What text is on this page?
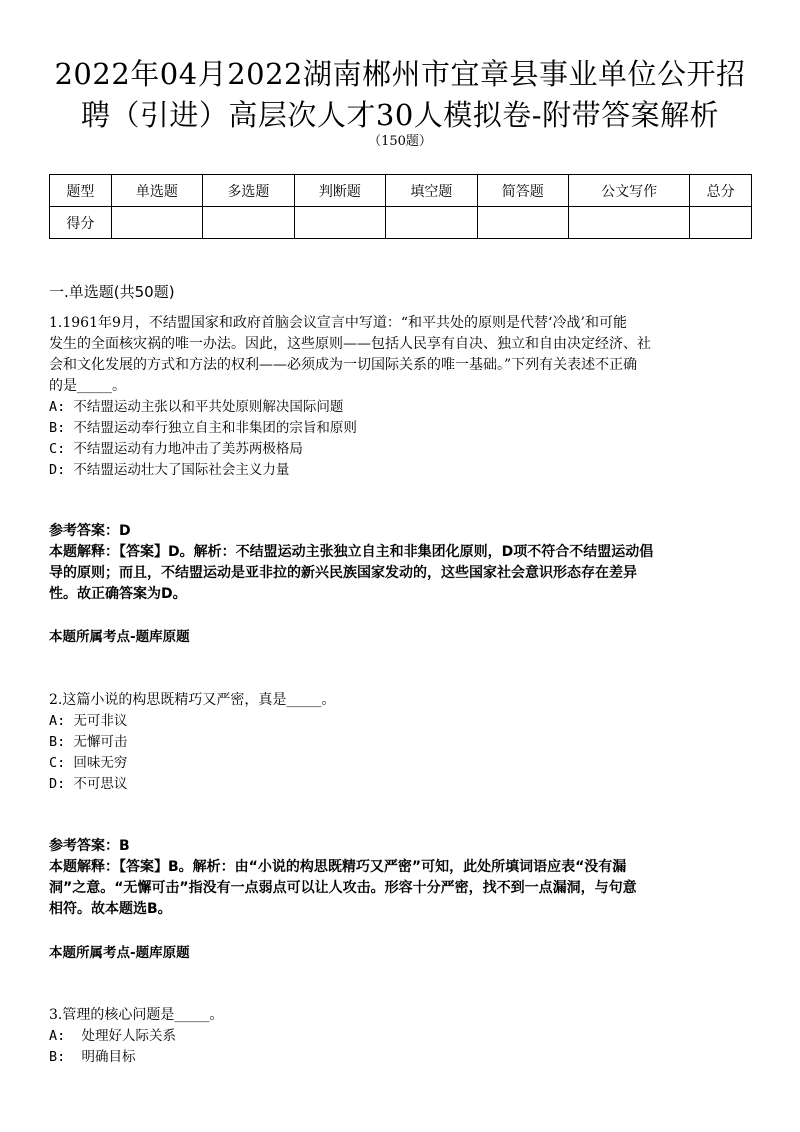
2022年04月2022湖南郴州市宜章县事业单位公开招
聘（引进）高层次人才30人模拟卷-附带答案解析
（150题）
题型	单选题	多选题	判断题	填空题	简答题	公文写作	总分
得分							
一.单选题(共50题)
1.1961年9月，不结盟国家和政府首脑会议宣言中写道：“和平共处的原则是代替‘冷战’和可能
发生的全面核灾祸的唯一办法。因此，这些原则——包括人民享有自决、独立和自由决定经济、社
会和文化发展的方式和方法的权利——必须成为一切国际关系的唯一基础。”下列有关表述不正确
的是_____。
A: 不结盟运动主张以和平共处原则解决国际问题
B: 不结盟运动奉行独立自主和非集团的宗旨和原则
C: 不结盟运动有力地冲击了美苏两极格局
D: 不结盟运动壮大了国际社会主义力量
参考答案：D
本题解释：【答案】D。解析：不结盟运动主张独立自主和非集团化原则，D项不符合不结盟运动倡
导的原则；而且，不结盟运动是亚非拉的新兴民族国家发动的，这些国家社会意识形态存在差异
性。故正确答案为D。
本题所属考点-题库原题
2.这篇小说的构思既精巧又严密，真是_____。
A: 无可非议
B: 无懈可击
C: 回味无穷
D: 不可思议
参考答案：B
本题解释：【答案】B。解析：由“小说的构思既精巧又严密”可知，此处所填词语应表“没有漏
洞”之意。“无懈可击”指没有一点弱点可以让人攻击。形容十分严密，找不到一点漏洞，与句意
相符。故本题选B。
本题所属考点-题库原题
3.管理的核心问题是_____。
A:  处理好人际关系
B:  明确目标
